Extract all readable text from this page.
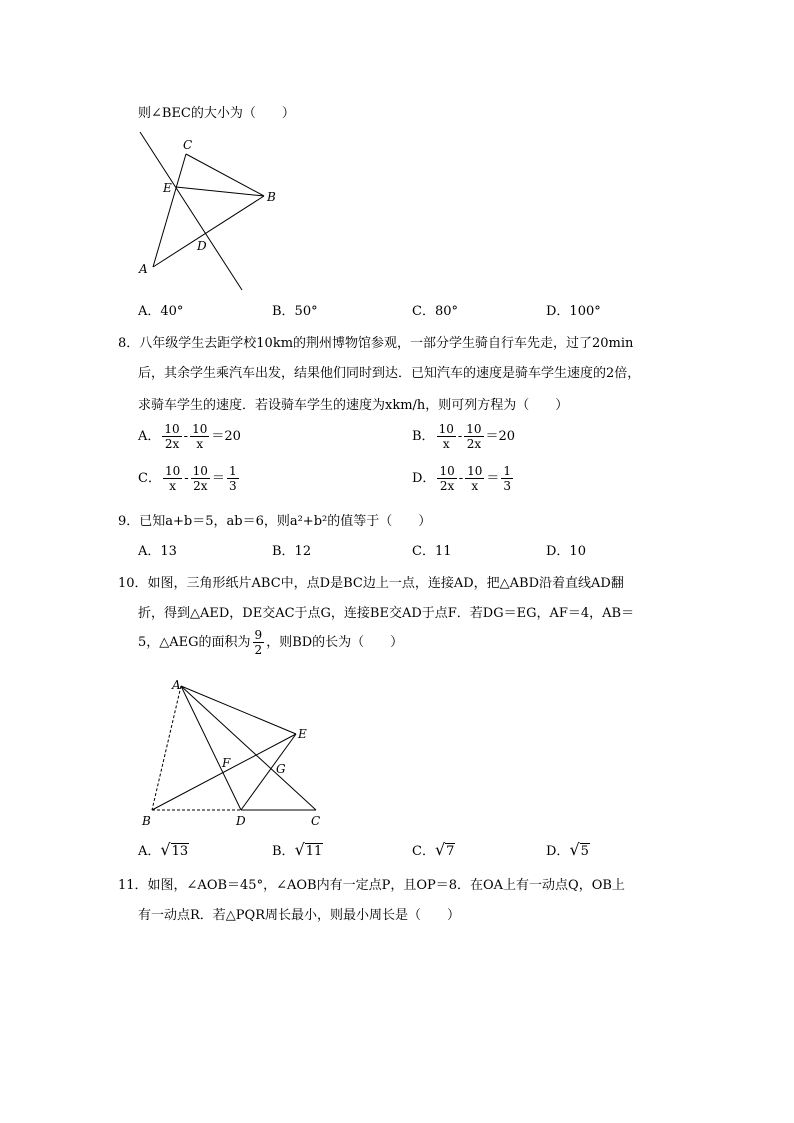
则∠BEC的大小为（　　）
C
E
B
D
A
A．40°	B．50°	C．80°	D．100°
8．八年级学生去距学校10km的荆州博物馆参观，一部分学生骑自行车先走，过了20min
后，其余学生乘汽车出发，结果他们同时到达．已知汽车的速度是骑车学生速度的2倍，
求骑车学生的速度．若设骑车学生的速度为xkm/h，则可列方程为（　　）
A． $\frac{10}{2x} - \frac{10}{x} =20$	B． $\frac{10}{x} - \frac{10}{2x} =20$
C． $\frac{10}{x} - \frac{10}{2x} = \frac{1}{3}$	D． $\frac{10}{2x} - \frac{10}{x} = \frac{1}{3}$
9．已知a+b＝5，ab＝6，则a²+b²的值等于（　　）
A．13	B．12	C．11	D．10
10．如图，三角形纸片ABC中，点D是BC边上一点，连接AD，把△ABD沿着直线AD翻
折，得到△AED，DE交AC于点G，连接BE交AD于点F．若DG＝EG，AF＝4，AB＝
5，△AEG的面积为 $\frac{9}{2}$ ，则BD的长为（　　）
A
E
F	G
B	D	C
A． √ 13	B． √ 11	C． √ 7	D． √ 5
11．如图，∠AOB＝45°，∠AOB内有一定点P，且OP＝8．在OA上有一动点Q，OB上
有一动点R．若△PQR周长最小，则最小周长是（　　）
